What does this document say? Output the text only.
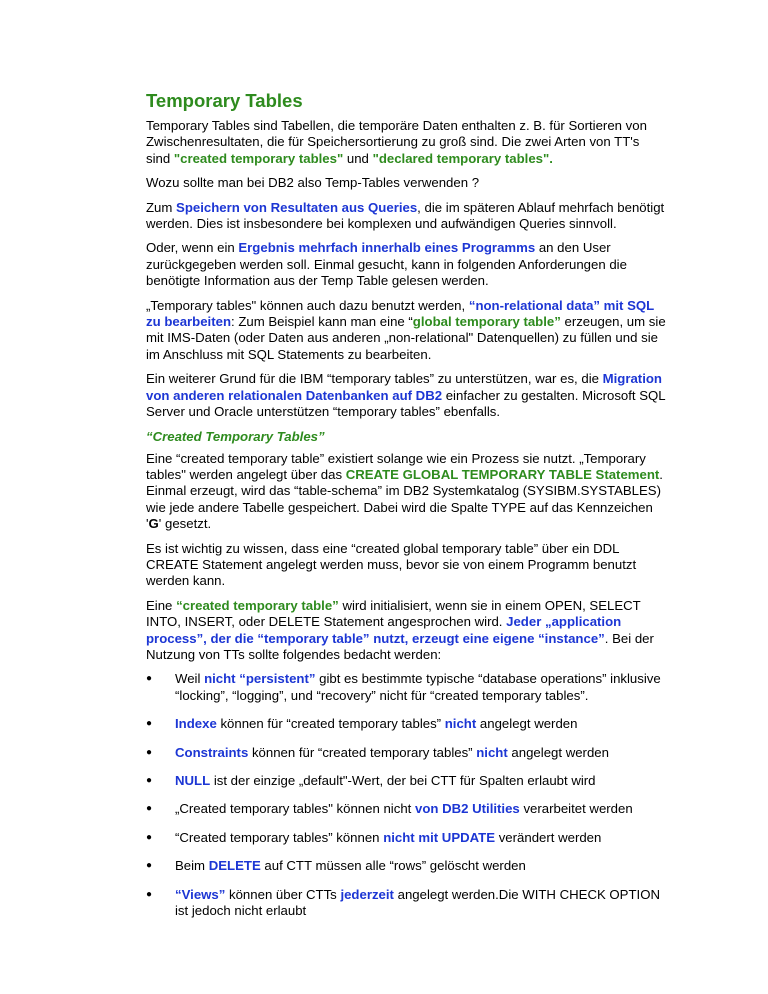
Temporary Tables

Temporary Tables sind Tabellen, die temporäre Daten enthalten z. B. für Sortieren von Zwischenresultaten, die für Speichersortierung zu groß sind. Die zwei Arten von TT's sind "created temporary tables" und "declared temporary tables".

Wozu sollte man bei DB2 also Temp-Tables verwenden ?

Zum Speichern von Resultaten aus Queries, die im späteren Ablauf mehrfach benötigt werden. Dies ist insbesondere bei komplexen und aufwändigen Queries sinnvoll.

Oder, wenn ein Ergebnis mehrfach innerhalb eines Programms an den User zurückgegeben werden soll. Einmal gesucht, kann in folgenden Anforderungen die benötigte Information aus der Temp Table gelesen werden.

„Temporary tables" können auch dazu benutzt werden, “non-relational data” mit SQL zu bearbeiten: Zum Beispiel kann man eine “global temporary table” erzeugen, um sie mit IMS-Daten (oder Daten aus anderen „non-relational" Datenquellen) zu füllen und sie im Anschluss mit SQL Statements zu bearbeiten.

Ein weiterer Grund für die IBM “temporary tables” zu unterstützen, war es, die Migration von anderen relationalen Datenbanken auf DB2 einfacher zu gestalten. Microsoft SQL Server und Oracle unterstützen “temporary tables” ebenfalls.

“Created Temporary Tables”

Eine “created temporary table” existiert solange wie ein Prozess sie nutzt. „Temporary tables" werden angelegt über das CREATE GLOBAL TEMPORARY TABLE Statement. Einmal erzeugt, wird das “table-schema” im DB2 Systemkatalog (SYSIBM.SYSTABLES) wie jede andere Tabelle gespeichert. Dabei wird die Spalte TYPE auf das Kennzeichen 'G' gesetzt.

Es ist wichtig zu wissen, dass eine “created global temporary table” über ein DDL CREATE Statement angelegt werden muss, bevor sie von einem Programm benutzt werden kann.

Eine “created temporary table” wird initialisiert, wenn sie in einem OPEN, SELECT INTO, INSERT, oder DELETE Statement angesprochen wird. Jeder „application process”, der die “temporary table” nutzt, erzeugt eine eigene “instance”. Bei der Nutzung von TTs sollte folgendes bedacht werden:

● Weil nicht “persistent” gibt es bestimmte typische “database operations” inklusive “locking”, “logging”, und “recovery” nicht für “created temporary tables”.
● Indexe können für “created temporary tables” nicht angelegt werden
● Constraints können für “created temporary tables” nicht angelegt werden
● NULL ist der einzige „default"-Wert, der bei CTT für Spalten erlaubt wird
● „Created temporary tables" können nicht von DB2 Utilities verarbeitet werden
● “Created temporary tables” können nicht mit UPDATE verändert werden
● Beim DELETE auf CTT müssen alle “rows” gelöscht werden
● “Views” können über CTTs jederzeit angelegt werden.Die WITH CHECK OPTION ist jedoch nicht erlaubt
